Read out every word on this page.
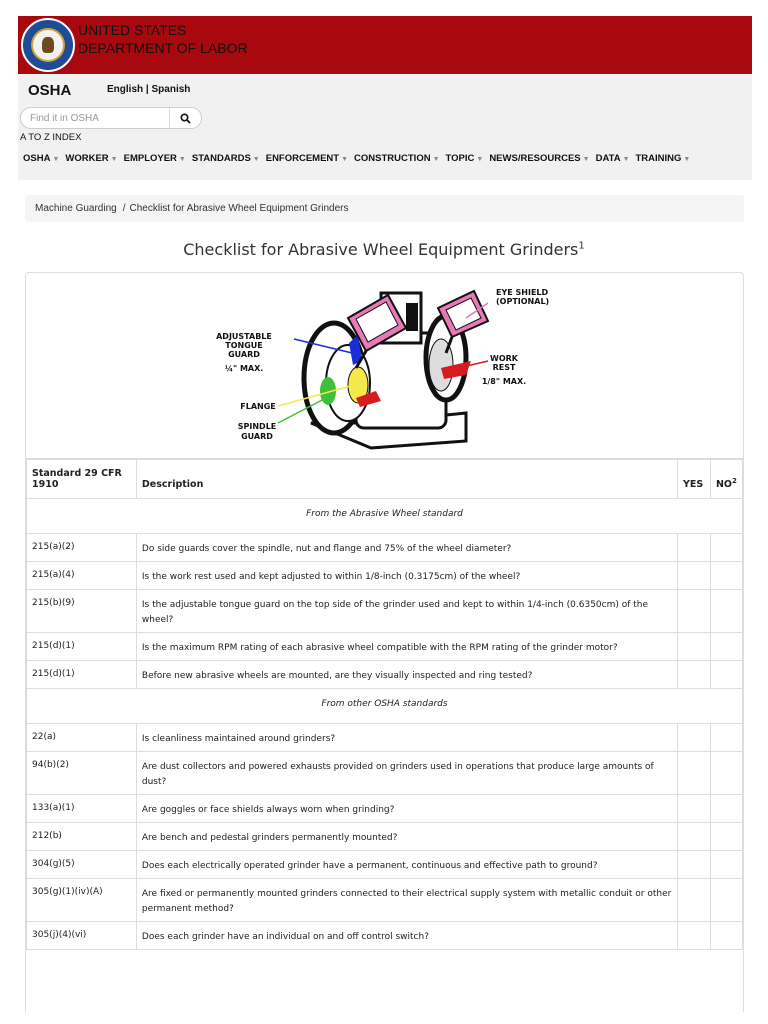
UNITED STATES
DEPARTMENT OF LABOR
OSHA	English | Spanish
Find it in OSHA
A TO Z INDEX
OSHA ▼ WORKER ▼ EMPLOYER ▼ STANDARDS ▼ ENFORCEMENT ▼ CONSTRUCTION ▼ TOPIC ▼ NEWS/RESOURCES ▼ DATA ▼ TRAINING ▼
Machine Guarding / Checklist for Abrasive Wheel Equipment Grinders
Checklist for Abrasive Wheel Equipment Grinders$^1$
EYE SHIELD
(OPTIONAL)
ADJUSTABLE
TONGUE
GUARD
¼" MAX.
WORK
REST
1/8" MAX.
FLANGE
SPINDLE
GUARD
Standard 29 CFR 1910	Description	YES	$NO^2$
From the Abrasive Wheel standard			
215(a)(2)	Do side guards cover the spindle, nut and flange and 75% of the wheel diameter?		
215(a)(4)	Is the work rest used and kept adjusted to within 1/8-inch (0.3175cm) of the wheel?		
215(b)(9)	Is the adjustable tongue guard on the top side of the grinder used and kept to within 1/4-inch (0.6350cm) of the wheel?		
215(d)(1)	Is the maximum RPM rating of each abrasive wheel compatible with the RPM rating of the grinder motor?		
215(d)(1)	Before new abrasive wheels are mounted, are they visually inspected and ring tested?		
From other OSHA standards			
22(a)	Is cleanliness maintained around grinders?		
94(b)(2)	Are dust collectors and powered exhausts provided on grinders used in operations that produce large amounts of dust?		
133(a)(1)	Are goggles or face shields always worn when grinding?		
212(b)	Are bench and pedestal grinders permanently mounted?		
304(g)(5)	Does each electrically operated grinder have a permanent, continuous and effective path to ground?		
305(g)(1)(iv)(A)	Are fixed or permanently mounted grinders connected to their electrical supply system with metallic conduit or other permanent method?		
305(j)(4)(vi)	Does each grinder have an individual on and off control switch?		
